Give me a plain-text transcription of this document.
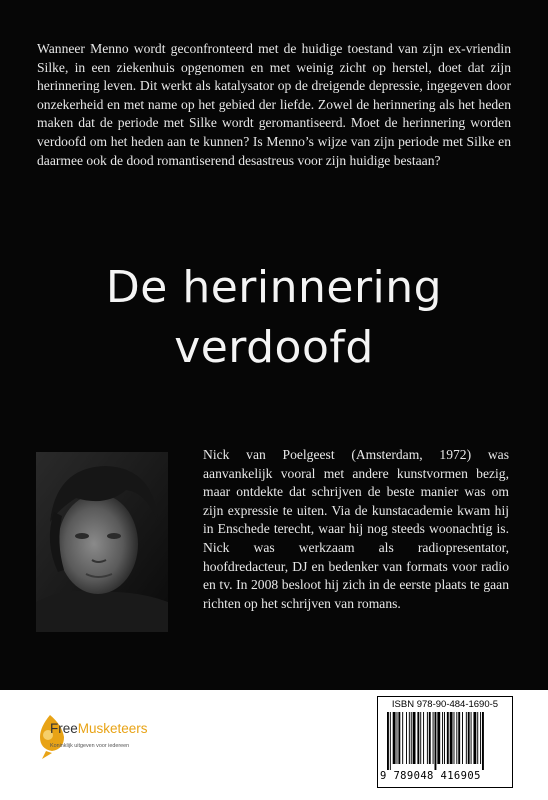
Wanneer Menno wordt geconfronteerd met de huidige toestand van zijn ex-vriendin Silke, in een ziekenhuis opgenomen en met weinig zicht op herstel, doet dat zijn herinnering leven. Dit werkt als katalysator op de dreigende depressie, ingegeven door onzekerheid en met name op het gebied der liefde. Zowel de herinnering als het heden maken dat de periode met Silke wordt geromantiseerd. Moet de herinnering worden verdoofd om het heden aan te kunnen? Is Menno’s wijze van zijn periode met Silke en daarmee ook de dood romantiserend desastreus voor zijn huidige bestaan?

De herinnering
verdoofd

Nick van Poelgeest (Amsterdam, 1972) was aanvankelijk vooral met andere kunstvormen bezig, maar ontdekte dat schrijven de beste manier was om zijn expressie te uiten. Via de kunstacademie kwam hij in Enschede terecht, waar hij nog steeds woonachtig is. Nick was werkzaam als radiopresentator, hoofdredacteur, DJ en bedenker van formats voor radio en tv. In 2008 besloot hij zich in de eerste plaats te gaan richten op het schrijven van romans.

FreeMusketeers
Koninklijk uitgeven voor iedereen
ISBN 978-90-484-1690-5
9 789048 416905
